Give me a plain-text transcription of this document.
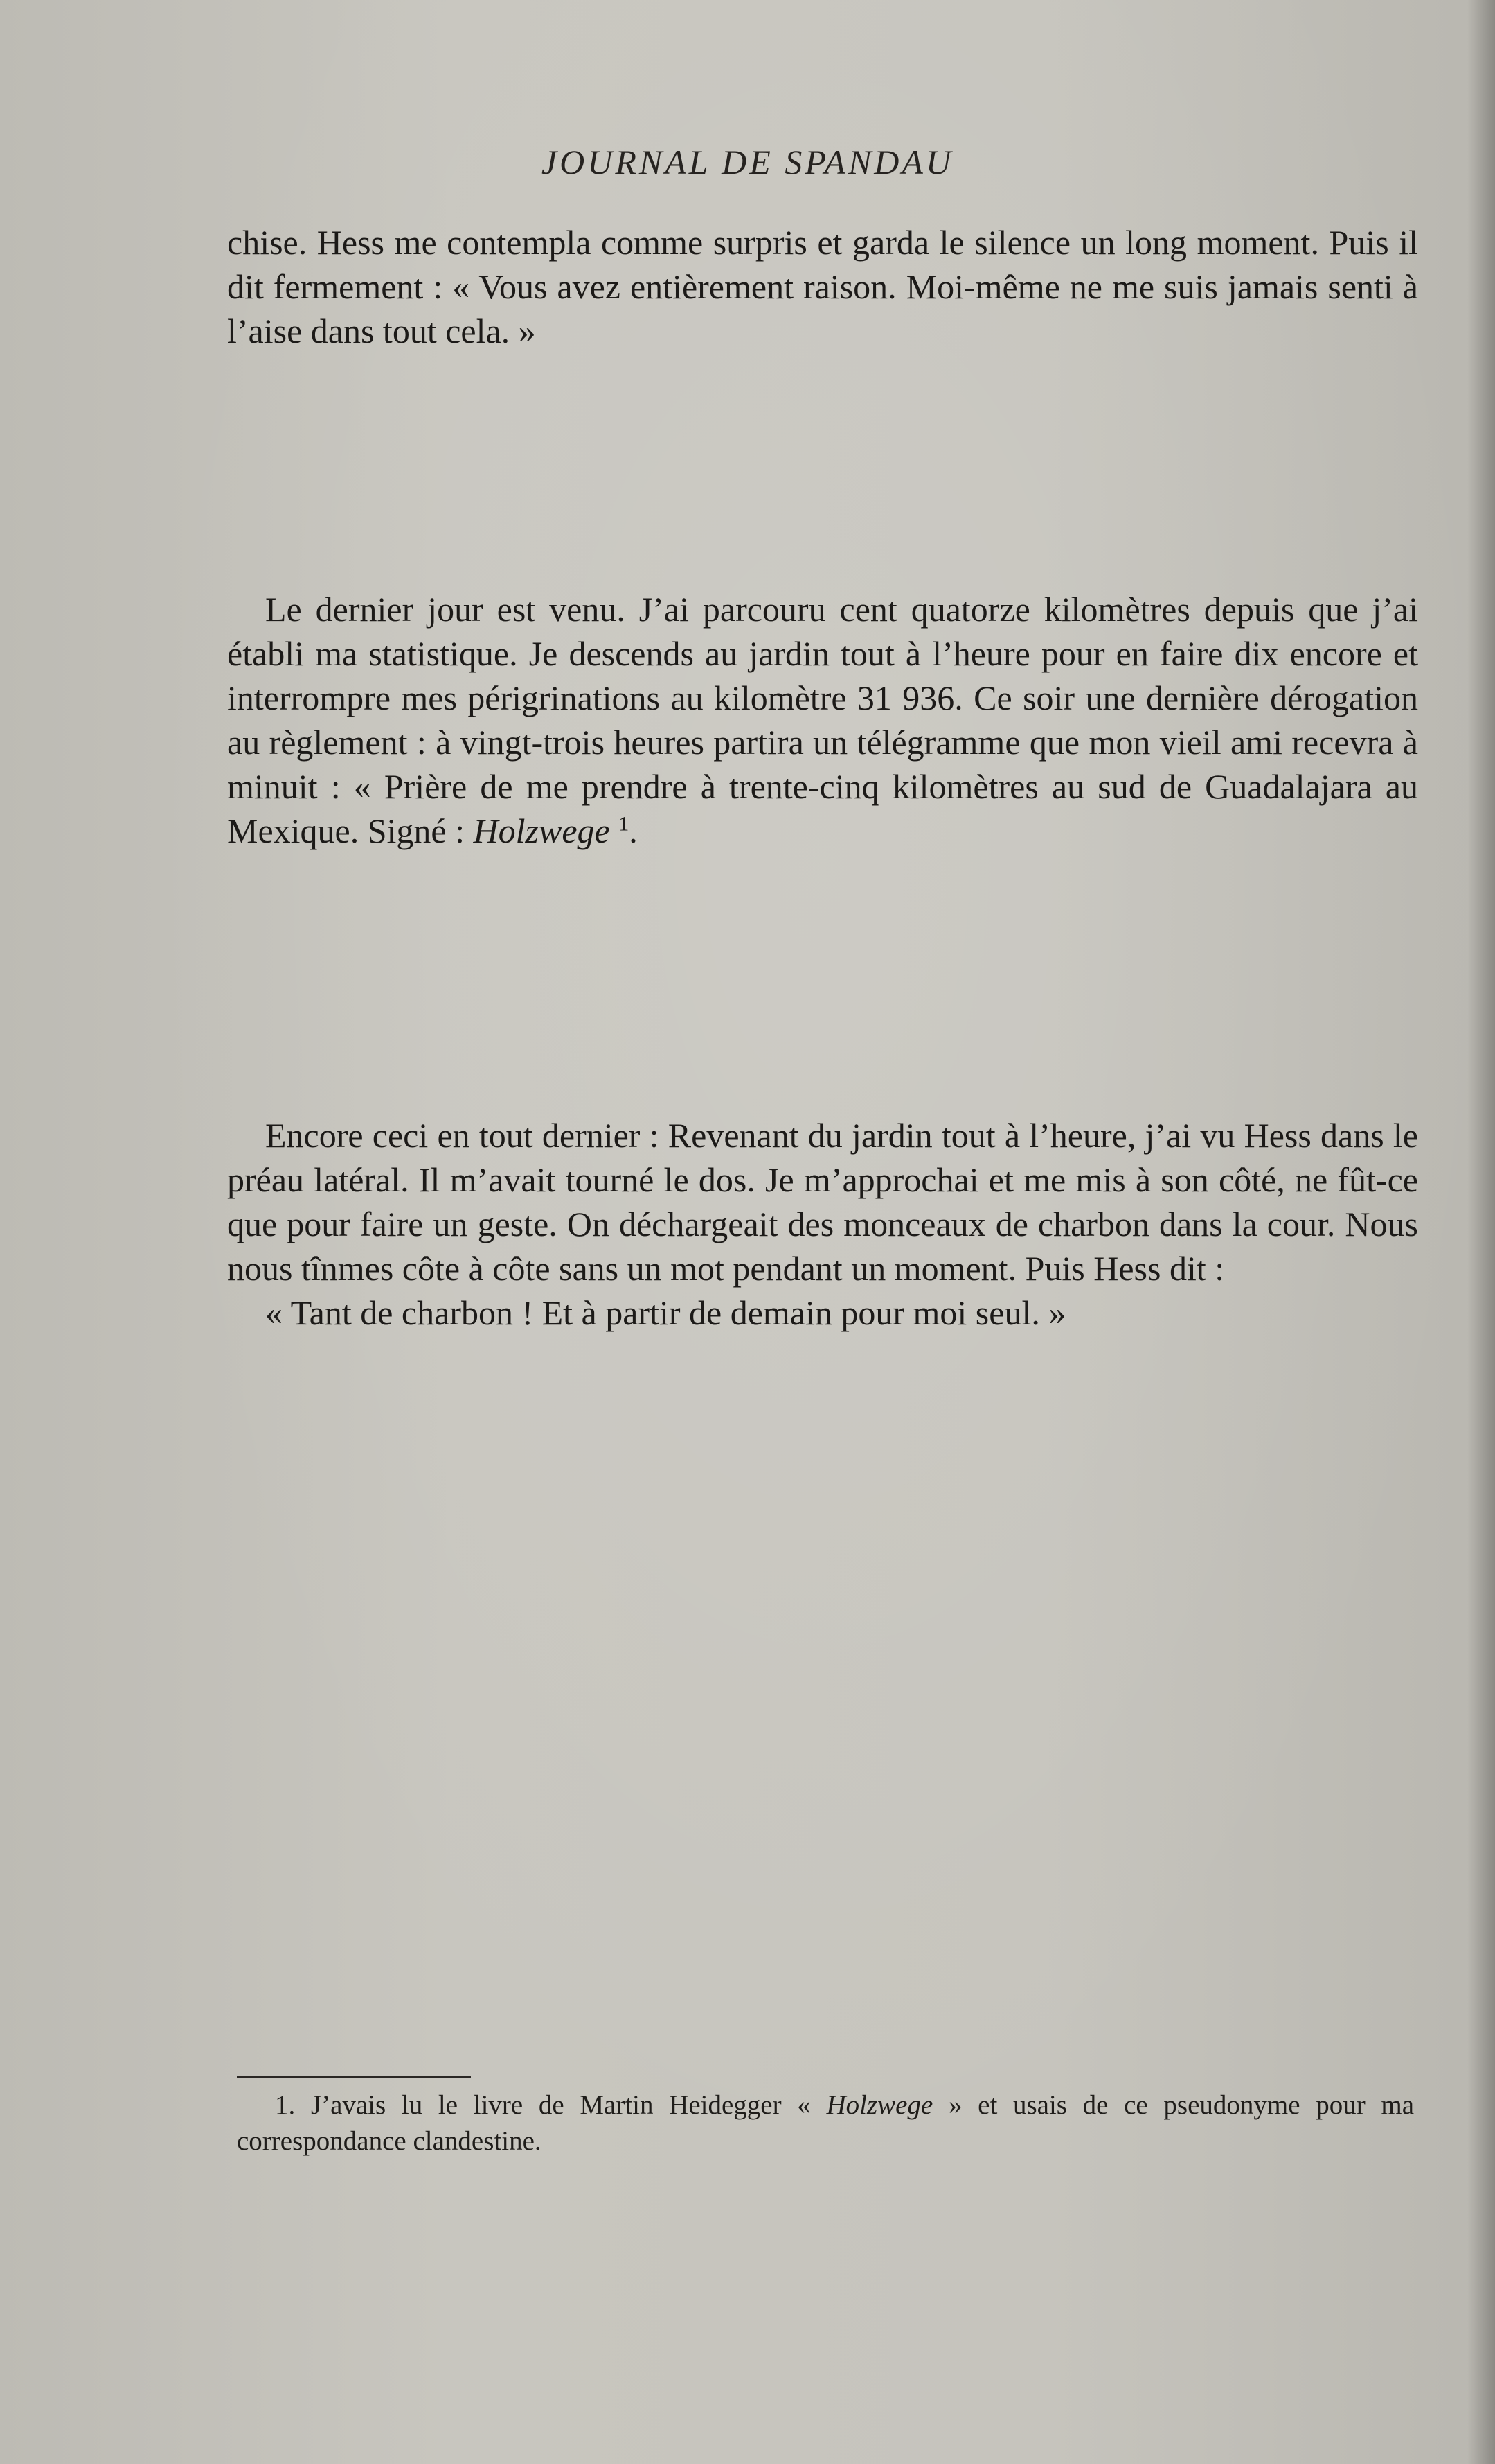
JOURNAL DE SPANDAU

chise. Hess me contempla comme surpris et garda le silence un long moment. Puis il dit fermement : « Vous avez entièrement raison. Moi-même ne me suis jamais senti à l’aise dans tout cela. »

Le dernier jour est venu. J’ai parcouru cent quatorze kilomètres depuis que j’ai établi ma statistique. Je descends au jardin tout à l’heure pour en faire dix encore et interrompre mes périgrinations au kilomètre 31 936. Ce soir une dernière dérogation au règlement : à vingt-trois heures partira un télégramme que mon vieil ami recevra à minuit : « Prière de me prendre à trente-cinq kilomètres au sud de Guadalajara au Mexique. Signé : Holzwege $^1$.

Encore ceci en tout dernier : Revenant du jardin tout à l’heure, j’ai vu Hess dans le préau latéral. Il m’avait tourné le dos. Je m’approchai et me mis à son côté, ne fût-ce que pour faire un geste. On déchargeait des monceaux de charbon dans la cour. Nous nous tînmes côte à côte sans un mot pendant un moment. Puis Hess dit :

« Tant de charbon ! Et à partir de demain pour moi seul. »

1. J’avais lu le livre de Martin Heidegger « Holzwege » et usais de ce pseudonyme pour ma correspondance clandestine.
